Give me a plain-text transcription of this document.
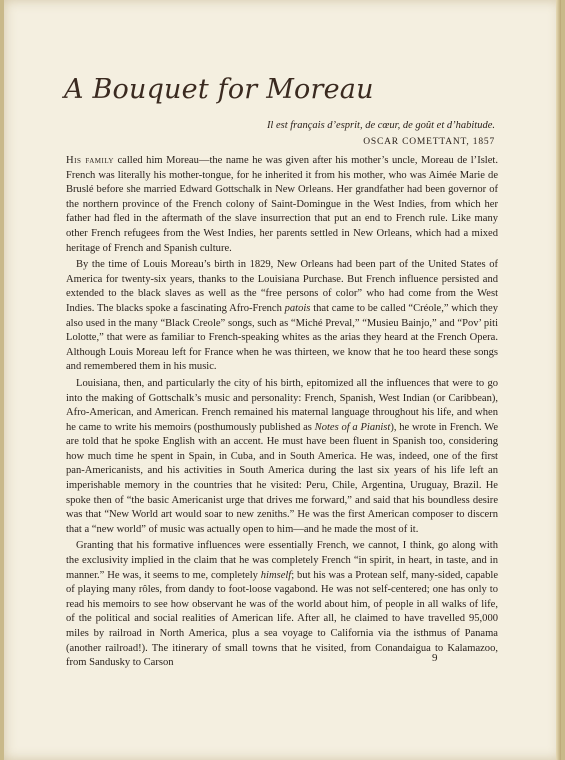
A Bouquet for Moreau
Il est français d’esprit, de cœur, de goût et d’habitude.
OSCAR COMETTANT, 1857

His family called him Moreau—the name he was given after his mother’s uncle, Moreau de l’Islet. French was literally his mother-tongue, for he inherited it from his mother, who was Aimée Marie de Bruslé before she married Edward Gottschalk in New Orleans. Her grandfather had been governor of the northern province of the French colony of Saint-Domingue in the West Indies, from which her father had fled in the aftermath of the slave insurrection that put an end to French rule. Like many other French refugees from the West Indies, her parents settled in New Orleans, which had a mixed heritage of French and Spanish culture.

By the time of Louis Moreau’s birth in 1829, New Orleans had been part of the United States of America for twenty-six years, thanks to the Louisiana Purchase. But French influence persisted and extended to the black slaves as well as the “free persons of color” who had come from the West Indies. The blacks spoke a fascinating Afro-French patois that came to be called “Créole,” which they also used in the many “Black Creole” songs, such as “Miché Preval,” “Musieu Bainjo,” and “Pov’ piti Lolotte,” that were as familiar to French-speaking whites as the arias they heard at the French Opera. Although Louis Moreau left for France when he was thirteen, we know that he too heard these songs and remembered them in his music.

Louisiana, then, and particularly the city of his birth, epitomized all the influences that were to go into the making of Gottschalk’s music and personality: French, Spanish, West Indian (or Caribbean), Afro-American, and American. French remained his maternal language throughout his life, and when he came to write his memoirs (posthumously published as Notes of a Pianist), he wrote in French. We are told that he spoke English with an accent. He must have been fluent in Spanish too, considering how much time he spent in Spain, in Cuba, and in South America. He was, indeed, one of the first pan-Americanists, and his activities in South America during the last six years of his life left an imperishable memory in the countries that he visited: Peru, Chile, Argentina, Uruguay, Brazil. He spoke then of “the basic Americanist urge that drives me forward,” and said that his boundless desire was that “New World art would soar to new zeniths.” He was the first American composer to discern that a “new world” of music was actually open to him—and he made the most of it.

Granting that his formative influences were essentially French, we cannot, I think, go along with the exclusivity implied in the claim that he was completely French “in spirit, in heart, in taste, and in manner.” He was, it seems to me, completely himself; but his was a Protean self, many-sided, capable of playing many rôles, from dandy to foot-loose vagabond. He was not self-centered; one has only to read his memoirs to see how observant he was of the world about him, of people in all walks of life, of the political and social realities of American life. After all, he claimed to have travelled 95,000 miles by railroad in North America, plus a sea voyage to California via the isthmus of Panama (another railroad!). The itinerary of small towns that he visited, from Conandaigua to Kalamazoo, from Sandusky to Carson	9
